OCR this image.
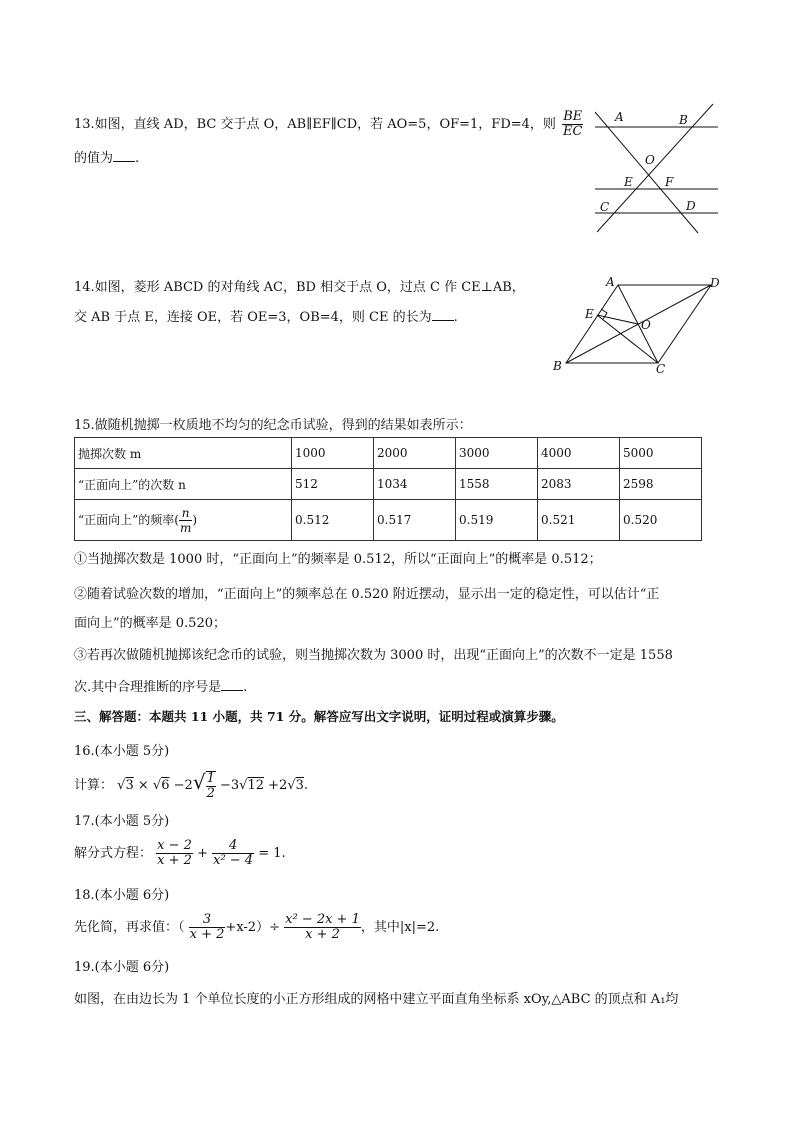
13.如图，直线 AD，BC 交于点 O，AB∥EF∥CD，若 AO=5，OF=1，FD=4，则 $\frac{BE}{EC}$
的值为 .
A	B
O
E	F
C	D
14.如图，菱形 ABCD 的对角线 AC，BD 相交于点 O，过点 C 作 CE⊥AB，
交 AB 于点 E，连接 OE，若 OE=3，OB=4，则 CE 的长为 .
A	D
E
O
B	C
15.做随机抛掷一枚质地不均匀的纪念币试验，得到的结果如表所示：
抛掷次数 m	1000	2000	3000	4000	5000
“正面向上”的次数 n	512	1034	1558	2083	2598
“正面向上”的频率( $\frac{n}{m}$ )	0.512	0.517	0.519	0.521	0.520
①当抛掷次数是 1000 时，“正面向上”的频率是 0.512，所以“正面向上”的概率是 0.512；
②随着试验次数的增加，“正面向上”的频率总在 0.520 附近摆动，显示出一定的稳定性，可以估计“正
面向上”的概率是 0.520；
③若再次做随机抛掷该纪念币的试验，则当抛掷次数为 3000 时，出现“正面向上”的次数不一定是 1558
次.其中合理推断的序号是 .
三、解答题：本题共 11 小题，共 71 分。解答应写出文字说明，证明过程或演算步骤。
16.(本小题 5分)
计算： $√3 \times √6 -2√ \frac{1}{2} -3√12 +2√3$.
17.(本小题 5分)
解分式方程： $\frac{x - 2}{x + 2} + \frac{4}{\text{x² − 4}} = 1$.
18.(本小题 6分)
先化简，再求值：（ $\frac{3}{x + 2} +x-2)\div \frac{\text{x² − 2x + 1}}{x + 2}$ ，其中|x|=2.
19.(本小题 6分)
如图，在由边长为 1 个单位长度的小正方形组成的网格中建立平面直角坐标系 xOy,△ABC 的顶点和 A₁均
